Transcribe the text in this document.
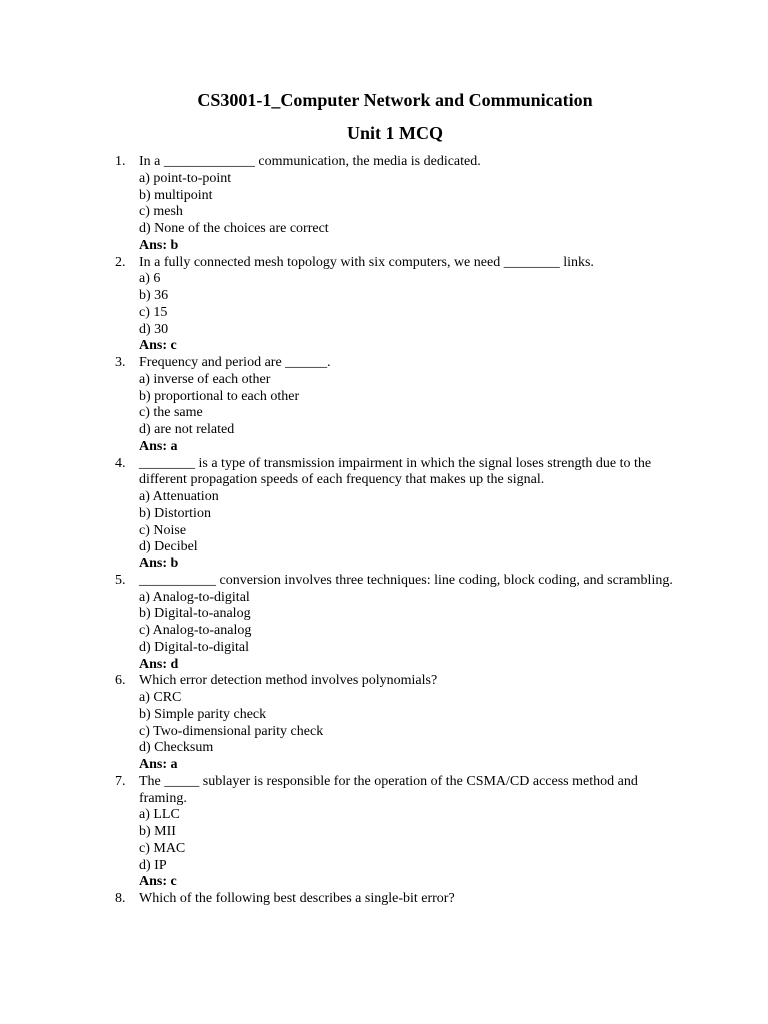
CS3001-1_Computer Network and Communication
Unit 1 MCQ
1. In a _____________ communication, the media is dedicated.
a) point-to-point
b) multipoint
c) mesh
d) None of the choices are correct
Ans: b
2. In a fully connected mesh topology with six computers, we need ________ links.
a) 6
b) 36
c) 15
d) 30
Ans: c
3. Frequency and period are ______.
a) inverse of each other
b) proportional to each other
c) the same
d) are not related
Ans: a
4. ________ is a type of transmission impairment in which the signal loses strength due to the different propagation speeds of each frequency that makes up the signal.
a) Attenuation
b) Distortion
c) Noise
d) Decibel
Ans: b
5. ___________ conversion involves three techniques: line coding, block coding, and scrambling.
a) Analog-to-digital
b) Digital-to-analog
c) Analog-to-analog
d) Digital-to-digital
Ans: d
6. Which error detection method involves polynomials?
a) CRC
b) Simple parity check
c) Two-dimensional parity check
d) Checksum
Ans: a
7. The _____ sublayer is responsible for the operation of the CSMA/CD access method and framing.
a) LLC
b) MII
c) MAC
d) IP
Ans: c
8. Which of the following best describes a single-bit error?
